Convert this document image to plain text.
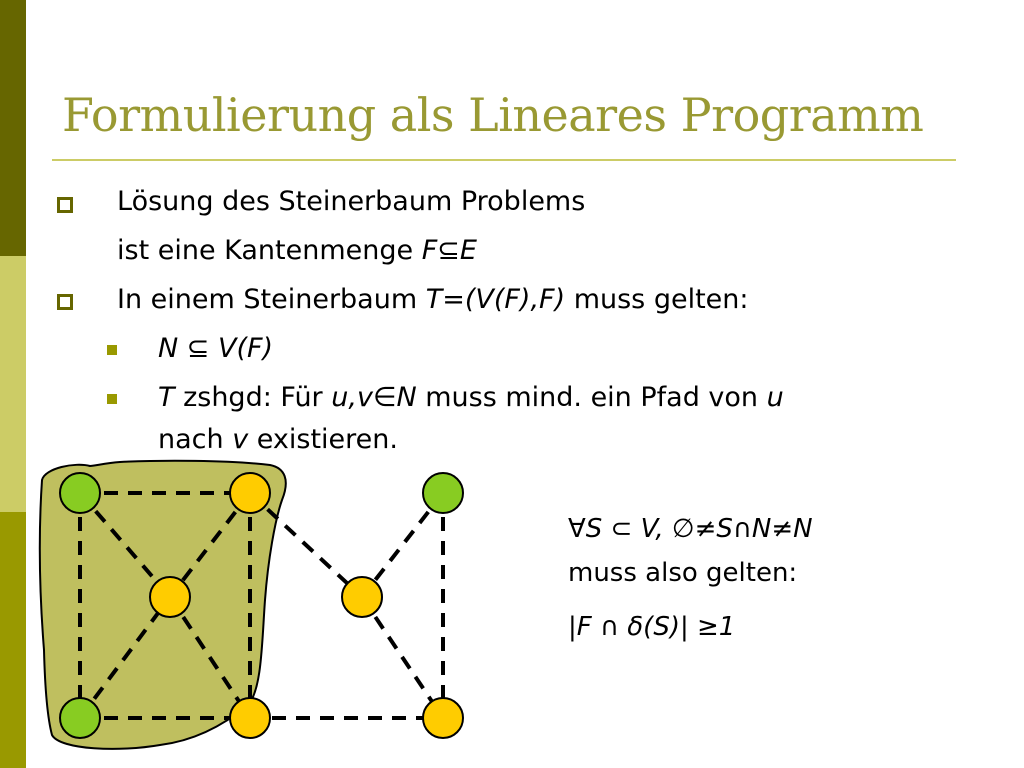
Formulierung als Lineares Programm
Lösung des Steinerbaum Problems
ist eine Kantenmenge F⊆E
In einem Steinerbaum T=(V(F),F) muss gelten:
N ⊆ V(F)
T zshgd: Für u,v∈N muss mind. ein Pfad von u
nach v existieren.
∀S ⊂ V, ∅≠S∩N≠N
muss also gelten:
|F ∩ δ(S)| ≥1
